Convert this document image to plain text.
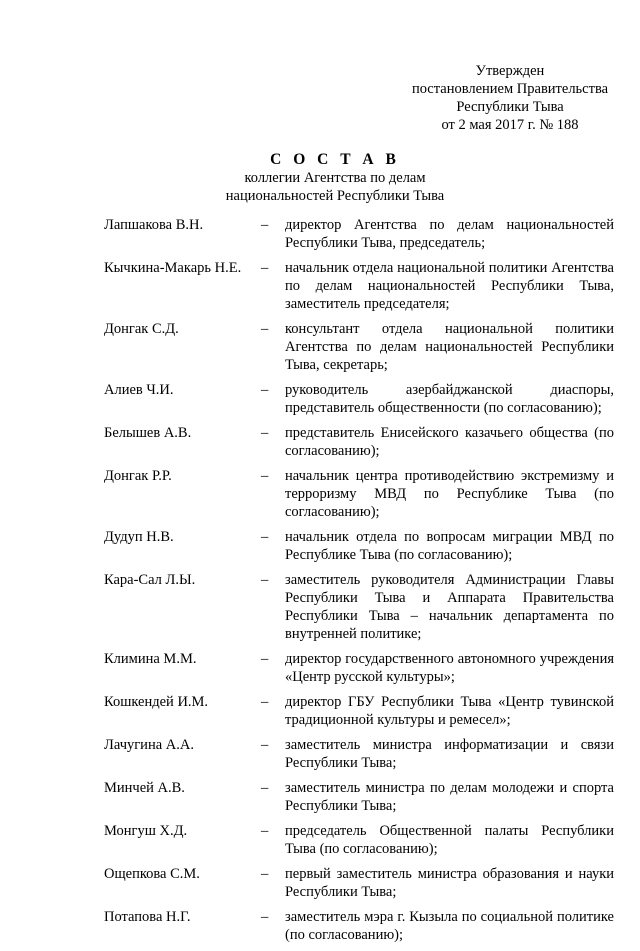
Утвержден
постановлением Правительства
Республики Тыва
от 2 мая 2017 г. № 188
С О С Т А В
коллегии Агентства по делам
национальностей Республики Тыва
Лапшакова В.Н.	–	директор Агентства по делам национальностей Республики Тыва, председатель;
Кычкина-Макарь Н.Е.	–	начальник отдела национальной политики Агентства по делам национальностей Республики Тыва, заместитель председателя;
Донгак С.Д.	–	консультант отдела национальной политики Агентства по делам национальностей Республики Тыва, секретарь;
Алиев Ч.И.	–	руководитель азербайджанской диаспоры, представитель общественности (по согласованию);
Белышев А.В.	–	представитель Енисейского казачьего общества (по согласованию);
Донгак Р.Р.	–	начальник центра противодействию экстремизму и терроризму МВД по Республике Тыва (по согласованию);
Дудуп Н.В.	–	начальник отдела по вопросам миграции МВД по Республике Тыва (по согласованию);
Кара-Сал Л.Ы.	–	заместитель руководителя Администрации Главы Республики Тыва и Аппарата Правительства Республики Тыва – начальник департамента по внутренней политике;
Климина М.М.	–	директор государственного автономного учреждения «Центр русской культуры»;
Кошкендей И.М.	–	директор ГБУ Республики Тыва «Центр тувинской традиционной культуры и ремесел»;
Лачугина А.А.	–	заместитель министра информатизации и связи Республики Тыва;
Минчей А.В.	–	заместитель министра по делам молодежи и спорта Республики Тыва;
Монгуш Х.Д.	–	председатель Общественной палаты Республики Тыва (по согласованию);
Ощепкова С.М.	–	первый заместитель министра образования и науки Республики Тыва;
Потапова Н.Г.	–	заместитель мэра г. Кызыла по социальной политике (по согласованию);
